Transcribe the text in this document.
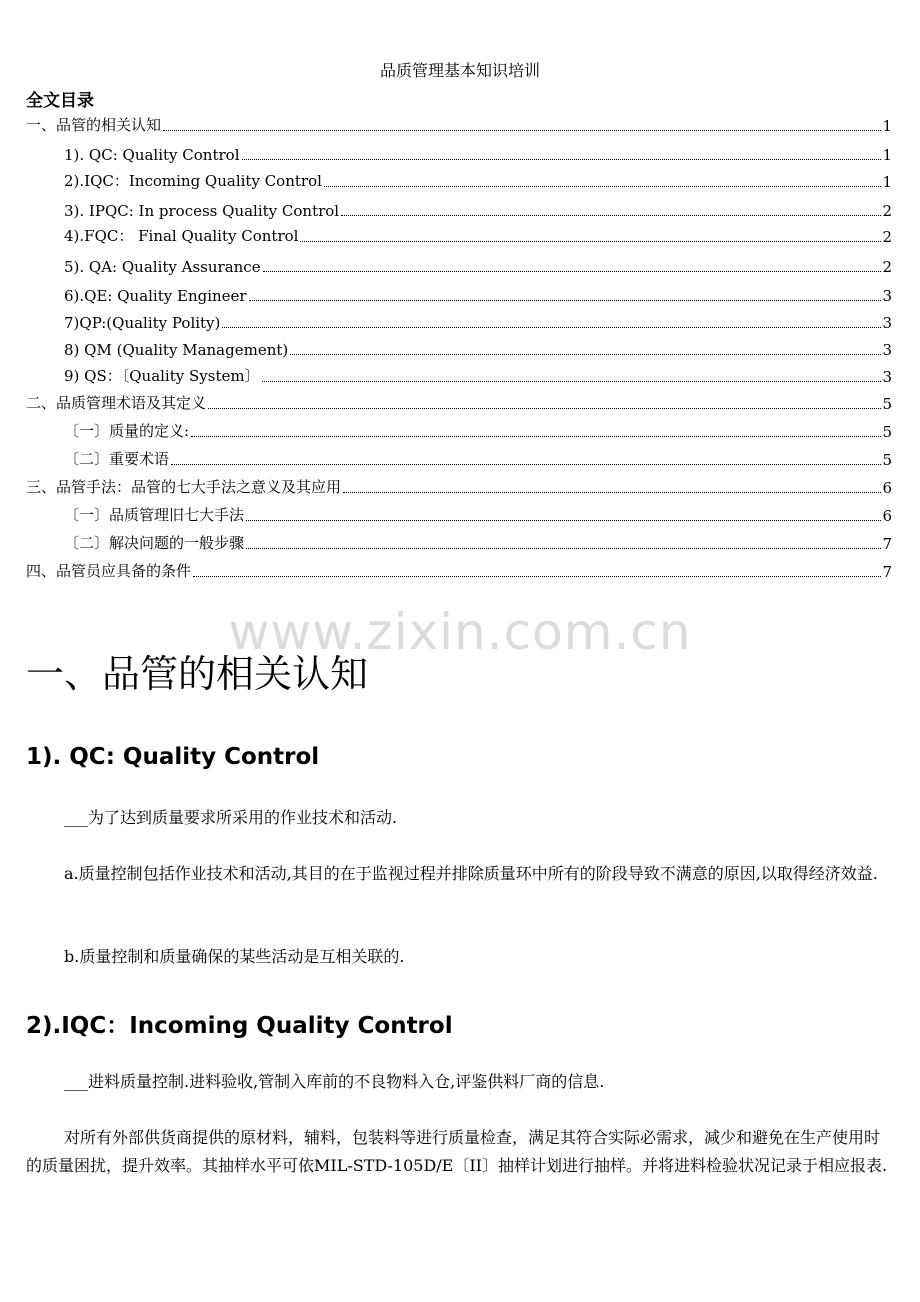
品质管理基本知识培训
全文目录
一、品管的相关认知	1
1). QC: Quality Control	1
2).IQC：Incoming Quality Control	1
3). IPQC: In process Quality Control	2
4).FQC： Final Quality Control	2
5). QA: Quality Assurance	2
6).QE: Quality Engineer	3
7)QP:(Quality Polity)	3
8) QM (Quality Management)	3
9) QS：〔Quality System〕	3
二、品质管理术语及其定义	5
〔一〕质量的定义:	5
〔二〕重要术语	5
三、品管手法：品管的七大手法之意义及其应用	6
〔一〕品质管理旧七大手法	6
〔二〕解决问题的一般步骤	7
四、品管员应具备的条件	7
www.zixin.com.cn
一、品管的相关认知
1). QC: Quality Control
___为了达到质量要求所采用的作业技术和活动.
a.质量控制包括作业技术和活动,其目的在于监视过程并排除质量环中所有的阶段导致不满意的原因,以取得经济效益.
b.质量控制和质量确保的某些活动是互相关联的.
2).IQC：Incoming Quality Control
___进料质量控制.进料验收,管制入库前的不良物料入仓,评鉴供料厂商的信息.
对所有外部供货商提供的原材料，辅料，包装料等进行质量检查，满足其符合实际必需求，减少和避免在生产使用时的质量困扰，提升效率。其抽样水平可依MIL-STD-105D/E〔II〕抽样计划进行抽样。并将进料检验状况记录于相应报表.
